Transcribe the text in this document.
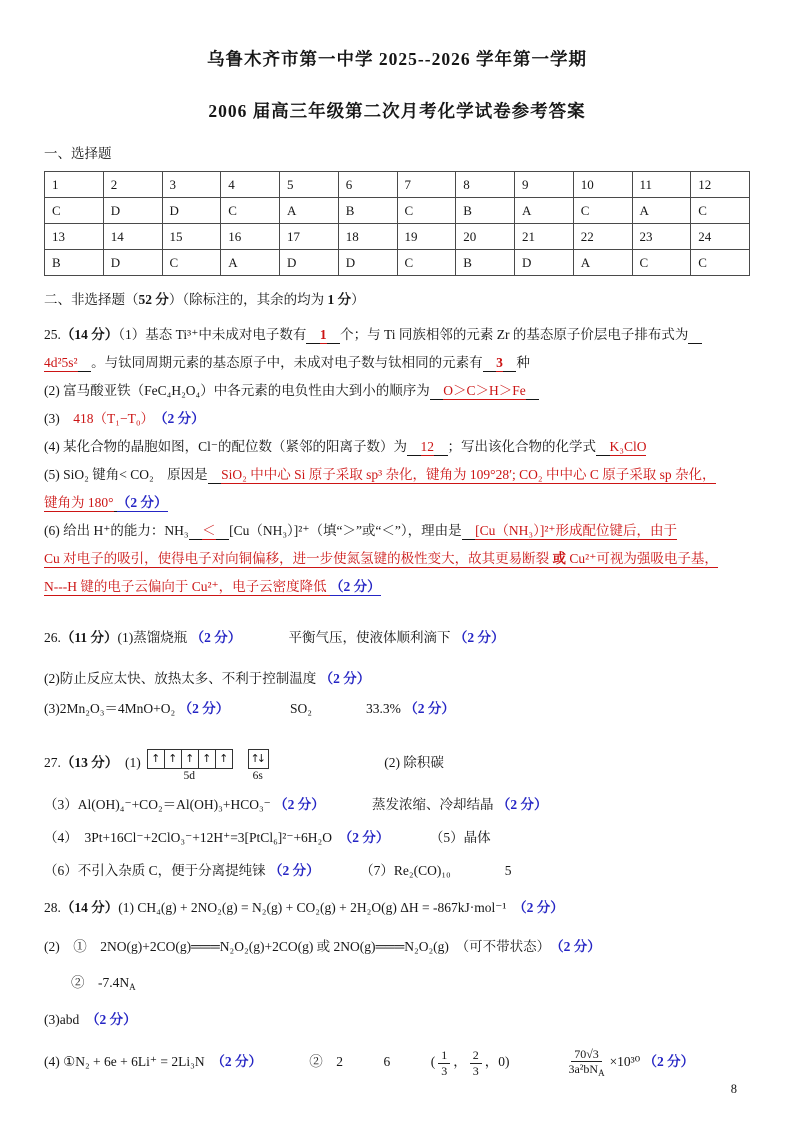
乌鲁木齐市第一中学 2025--2026 学年第一学期
2006 届高三年级第二次月考化学试卷参考答案
一、选择题
1	2	3	4	5	6	7	8	9	10	11	12
C	D	D	C	A	B	C	B	A	C	A	C
13	14	15	16	17	18	19	20	21	22	23	24
B	D	C	A	D	D	C	B	D	A	C	C
二、非选择题（52 分）（除标注的，其余的均为 1 分）
25.（14 分）（1）基态 Ti³⁺中未成对电子数有　 1　 个；与 Ti 同族相邻的元素 Zr 的基态原子价层电子排布式为　
4d²5s²　 。与钛同周期元素的基态原子中，未成对电子数与钛相同的元素有　 3　 种
(2) 富马酸亚铁（FeC₄H₂O₄）中各元素的电负性由大到小的顺序为　 O＞C＞H＞Fe　
(3)　418（T₁−T₀）　 （2 分）
(4) 某化合物的晶胞如图，Cl⁻的配位数（紧邻的阳离子数）为　 12　 ；写出该化合物的化学式　 K₃ClO
(5) SiO₂ 键角< CO₂　原因是　 SiO₂ 中中心 Si 原子采取 sp³ 杂化，键角为 109°28′; CO₂ 中中心 C 原子采取 sp 杂化，
键角为 180° （2 分）
(6) 给出 H⁺的能力：NH₃　 ＜　 [Cu（NH₃）]²⁺（填“＞”或“＜”），理由是　 [Cu（NH₃）]²⁺形成配位键后，由于
Cu 对电子的吸引，使得电子对向铜偏移，进一步使氮氢键的极性变大，故其更易断裂 或 Cu²⁺可视为强吸电子基，
N---H 键的电子云偏向于 Cu²⁺，电子云密度降低 （2 分）
26.（11 分）(1)蒸馏烧瓶 （2 分）　　　　平衡气压，使液体顺利滴下 （2 分）
(2)防止反应太快、放热太多、不利于控制温度 （2 分）
(3)2Mn₂O₃＝4MnO+O₂ （2 分）　　　　　SO₂　　　　33.3% （2 分）
27.（13 分）　(1) ↑ ↑ ↑ ↑ ↑
5d
↑↓
6s
　　　　　　　(2) 除积碳
（3）Al(OH)₄⁻+CO₂＝Al(OH)₃+HCO₃⁻ （2 分）　　　　蒸发浓缩、冷却结晶 （2 分）
（4）　3Pt+16Cl⁻+2ClO₃⁻+12H⁺=3[PtCl₆]²⁻+6H₂O　（2 分）　　　　（5）晶体
（6）不引入杂质 C，便于分离提纯铼 （2 分）　　　　（7）Re₂(CO)₁₀　　　　5
28.（14 分）(1) CH₄(g) + 2NO₂(g) = N₂(g) + CO₂(g) + 2H₂O(g) ΔH = -867kJ·mol⁻¹　（2 分）
(2)　①　2NO(g)+2CO(g)═══N₂O₂(g)+2CO(g) 或 2NO(g)═══N₂O₂(g)　（可不带状态）　（2 分）
　　②　$-7.4N_A$
(3)abd　（2 分）
(4) ①N₂ + 6e + 6Li⁺ = 2Li₃N　（2 分）　　　　②　2　　　6　　　( $\frac{1}{3}$ ， $\frac{2}{3}$ ，0)　　　　 $\frac{70√3}{3a^2bN_A} \times 10^{30}$ （2 分）
8
